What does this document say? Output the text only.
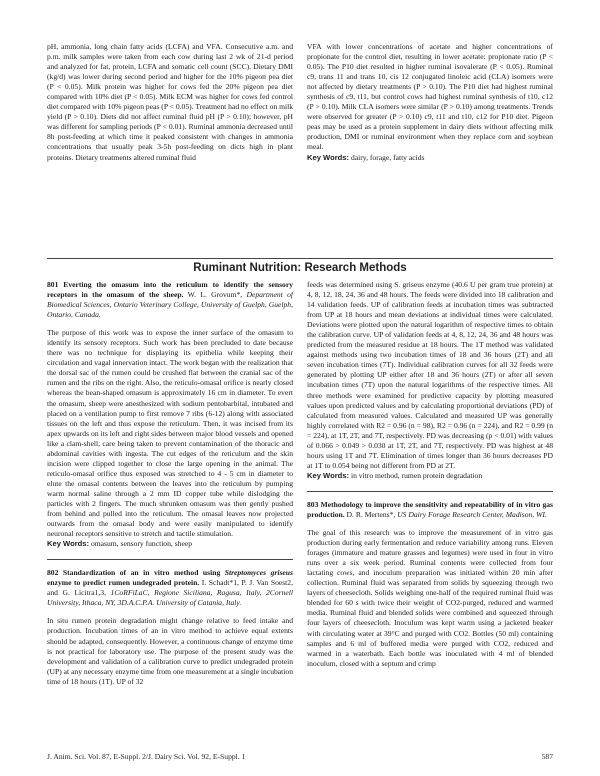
pH, ammonia, long chain fatty acids (LCFA) and VFA. Consecutive a.m. and p.m. milk samples were taken from each cow during last 2 wk of 21-d period and analyzed for fat, protein, LCFA and somatic cell count (SCC). Dietary DMI (kg/d) was lower during second period and higher for the 10% pigeon pea diet (P < 0.05). Milk protein was higher for cows fed the 20% pigeon pea diet compared with 10% diet (P < 0.05). Milk ECM was higher for cows fed control diet compared with 10% pigeon peas (P < 0.05). Treatment had no effect on milk yield (P > 0.10). Diets did not affect ruminal fluid pH (P > 0.10); however, pH was different for sampling periods (P < 0.01). Ruminal ammonia decreased until 8h post-feeding at which time it peaked consistent with changes in ammonia concentrations that usually peak 3-5h post-feeding on dicts high in plant proteins. Dietary treatments altered ruminal fluid

VFA with lower concentrations of acetate and higher concentrations of propionate for the control diet, resulting in lower acetate: propionate ratio (P < 0.05). The P10 diet resulted in higher ruminal isovalerate (P < 0.05). Ruminal c9, trans 11 and trans 10, cis 12 conjugated linoleic acid (CLA) isomers were not affected by dietary treatments (P > 0.10). The P10 diet had highest ruminal synthesis of c9, t11, but control cows had highest ruminal synthesis of t10, c12 (P > 0.10). Milk CLA isomers were similar (P > 0.10) among treatments. Trends were observed for greater (P > 0.10) c9, t11 and t10, c12 for P10 diet. Pigeon peas may be used as a protein supplement in dairy diets without affecting milk production, DMI or ruminal environment when they replace corn and soybean meal.

Key Words: dairy, forage, fatty acids

Ruminant Nutrition: Research Methods

801 Everting the omasum into the reticulum to identify the sensory receptors in the omasum of the sheep. W. L. Grovum*, Department of Biomedical Sciences, Ontario Veterinary College, University of Guelph, Guelph, Ontario, Canada.

The purpose of this work was to expose the inner surface of the omasum to identify its sensory receptors. Such work has been precluded to date because there was no technique for displaying its epithelia while keeping their circulation and vagal innervation intact. The work began with the realization that the dorsal sac of the rumen could be crushed flat between the cranial sac of the rumen and the ribs on the right. Also, the reticulo-omasal orifice is nearly closed whereas the bean-shaped omasum is approximately 16 cm in diameter. To evert the omasum, sheep were anesthesized with sodium pentobarbital, intubated and placed on a ventilation pump to first remove 7 ribs (6-12) along with associated tissues on the left and thus expose the reticulum. Then, it was incised from its apex upwards on its left and right sides between major blood vessels and opened like a clam-shell, care being taken to prevent contamination of the thoracic and abdominal cavities with ingesta. The cut edges of the reticulum and the skin incision were clipped together to close the large opening in the animal. The reticulo-omasal orifice thus exposed was stretched to 4 - 5 cm in diameter to elute the omasal contents between the leaves into the reticulum by pumping warm normal saline through a 2 mm ID copper tube while dislodging the particles with 2 fingers. The much shrunken omasum was then gently pushed from behind and pulled into the reticulum. The omasal leaves now projected outwards from the omasal body and were easily manipulated to identify neuronal receptors sensitive to stretch and tactile stimulation.

Key Words: omasum, sensory function, sheep

802 Standardization of an in vitro method using Streptomyces griseus enzyme to predict rumen undegraded protein. I. Schadt*1, P. J. Van Soest2, and G. Licitra1,3, 1CoRFiLaC, Regione Siciliana, Ragusa, Italy, 2Cornell University, Ithaca, NY, 3D.A.C.P.A. University of Catania, Italy.

In situ rumen protein degradation might change relative to feed intake and production. Incubation times of an in vitro method to achieve equal extents should be adapted, consequently. However, a continuous change of enzyme time is not practical for laboratory use. The purpose of the present study was the development and validation of a calibration curve to predict undegraded protein (UP) at any necessary enzyme time from one measurement at a single incubation time of 18 hours (1T). UP of 32

feeds was determined using S. griseus enzyme (40.6 U per gram true protein) at 4, 8, 12, 18, 24, 36 and 48 hours. The feeds were divided into 18 calibration and 14 validation feeds. UP of calibration feeds at incubation times was subtracted from UP at 18 hours and mean deviations at individual times were calculated. Deviations were plotted upon the natural logarithm of respective times to obtain the calibration curve. UP of validation feeds at 4, 8, 12, 24, 36 and 48 hours was predicted from the measured residue at 18 hours. The 1T method was validated against methods using two incubation times of 18 and 36 hours (2T) and all seven incubation times (7T). Individual calibration curves for all 32 feeds were generated by plotting UP either after 18 and 36 hours (2T) or after all seven incubation times (7T) upon the natural logarithms of the respective times. All three methods were examined for predictive capacity by plotting measured values upon predicted values and by calculating proportional deviations (PD) of calculated from measured values. Calculated and measured UP was generally highly correlated with R2 = 0.96 (n = 98), R2 = 0.96 (n = 224), and R2 = 0.99 (n = 224), at 1T, 2T, and 7T, respectively. PD was decreasing (p < 0.01) with values of 0.066 > 0.049 > 0.030 at 1T, 2T, and 7T, respectively. PD was highest at 48 hours using 1T and 7T. Elimination of times longer than 36 hours decreases PD at 1T to 0.054 being not different from PD at 2T.

Key Words: in vitro method, rumen protein degradation

803 Methodology to improve the sensitivity and repeatability of in vitro gas production. D. R. Mertens*, US Dairy Forage Research Center, Madison, WI.

The goal of this research was to improve the measurement of in vitro gas production during early fermentation and reduce variability among runs. Eleven forages (immature and mature grasses and legumes) were used in four in vitro runs over a six week period. Ruminal contents were collected from four lactating cows, and inoculum preparation was initiated within 20 min after collection. Ruminal fluid was separated from solids by squeezing through two layers of cheesecloth. Solids weighing one-half of the required ruminal fluid was blended for 60 s with twice their weight of CO2-purged, reduced and warmed media. Ruminal fluid and blended solids were combined and squeezed through four layers of cheesecloth. Inoculum was kept warm using a jacketed beaker with circulating water at 39°C and purged with CO2. Bottles (50 ml) containing samples and 6 ml of buffered media were purged with CO2, reduced and warmed in a waterbath. Each bottle was inoculated with 4 ml of blended inoculum, closed with a septum and crimp

J. Anim. Sci. Vol. 87, E-Suppl. 2/J. Dairy Sci. Vol. 92, E-Suppl. 1	587
